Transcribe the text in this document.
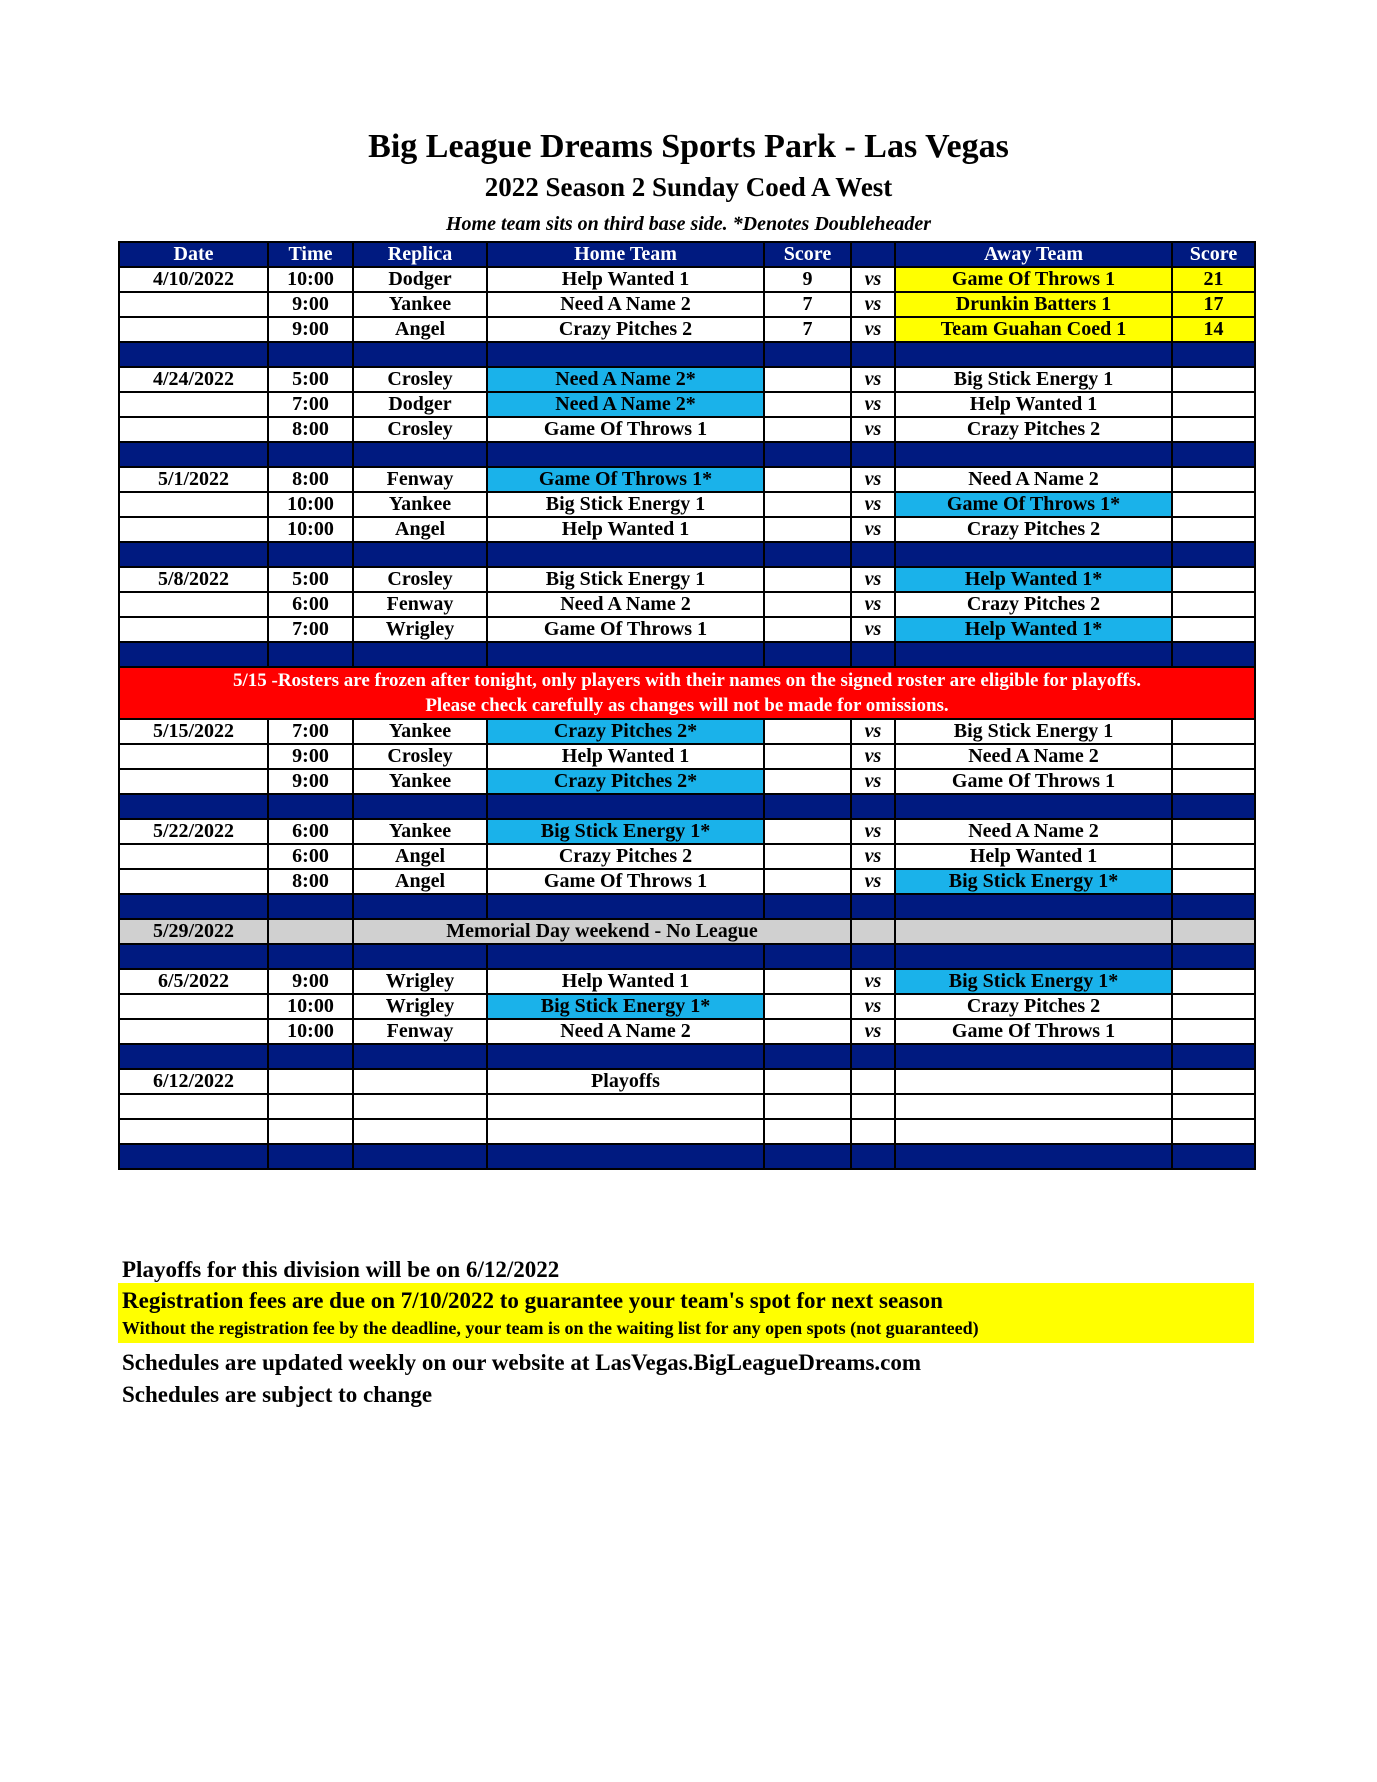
Big League Dreams Sports Park - Las Vegas
2022 Season 2 Sunday Coed A West
Home team sits on third base side. *Denotes Doubleheader
Date	Time	Replica	Home Team	Score		Away Team	Score
4/10/2022	10:00	Dodger	Help Wanted 1	9	vs	Game Of Throws 1	21
	9:00	Yankee	Need A Name 2	7	vs	Drunkin Batters 1	17
	9:00	Angel	Crazy Pitches 2	7	vs	Team Guahan Coed 1	14

4/24/2022	5:00	Crosley	Need A Name 2*		vs	Big Stick Energy 1	
	7:00	Dodger	Need A Name 2*		vs	Help Wanted 1	
	8:00	Crosley	Game Of Throws 1		vs	Crazy Pitches 2	

5/1/2022	8:00	Fenway	Game Of Throws 1*		vs	Need A Name 2	
	10:00	Yankee	Big Stick Energy 1		vs	Game Of Throws 1*	
	10:00	Angel	Help Wanted 1		vs	Crazy Pitches 2	

5/8/2022	5:00	Crosley	Big Stick Energy 1		vs	Help Wanted 1*	
	6:00	Fenway	Need A Name 2		vs	Crazy Pitches 2	
	7:00	Wrigley	Game Of Throws 1		vs	Help Wanted 1*	

5/15 -Rosters are frozen after tonight, only players with their names on the signed roster are eligible for playoffs.
Please check carefully as changes will not be made for omissions.							

5/15/2022	7:00	Yankee	Crazy Pitches 2*		vs	Big Stick Energy 1	
	9:00	Crosley	Help Wanted 1		vs	Need A Name 2	
	9:00	Yankee	Crazy Pitches 2*		vs	Game Of Throws 1	

5/22/2022	6:00	Yankee	Big Stick Energy 1*		vs	Need A Name 2	
	6:00	Angel	Crazy Pitches 2		vs	Help Wanted 1	
	8:00	Angel	Game Of Throws 1		vs	Big Stick Energy 1*	

5/29/2022		Memorial Day weekend - No League					

6/5/2022	9:00	Wrigley	Help Wanted 1		vs	Big Stick Energy 1*	
	10:00	Wrigley	Big Stick Energy 1*		vs	Crazy Pitches 2	
	10:00	Fenway	Need A Name 2		vs	Game Of Throws 1	

6/12/2022			Playoffs				

Playoffs for this division will be on 6/12/2022
Registration fees are due on 7/10/2022 to guarantee your team's spot for next season
Without the registration fee by the deadline, your team is on the waiting list for any open spots (not guaranteed)
Schedules are updated weekly on our website at LasVegas.BigLeagueDreams.com
Schedules are subject to change
